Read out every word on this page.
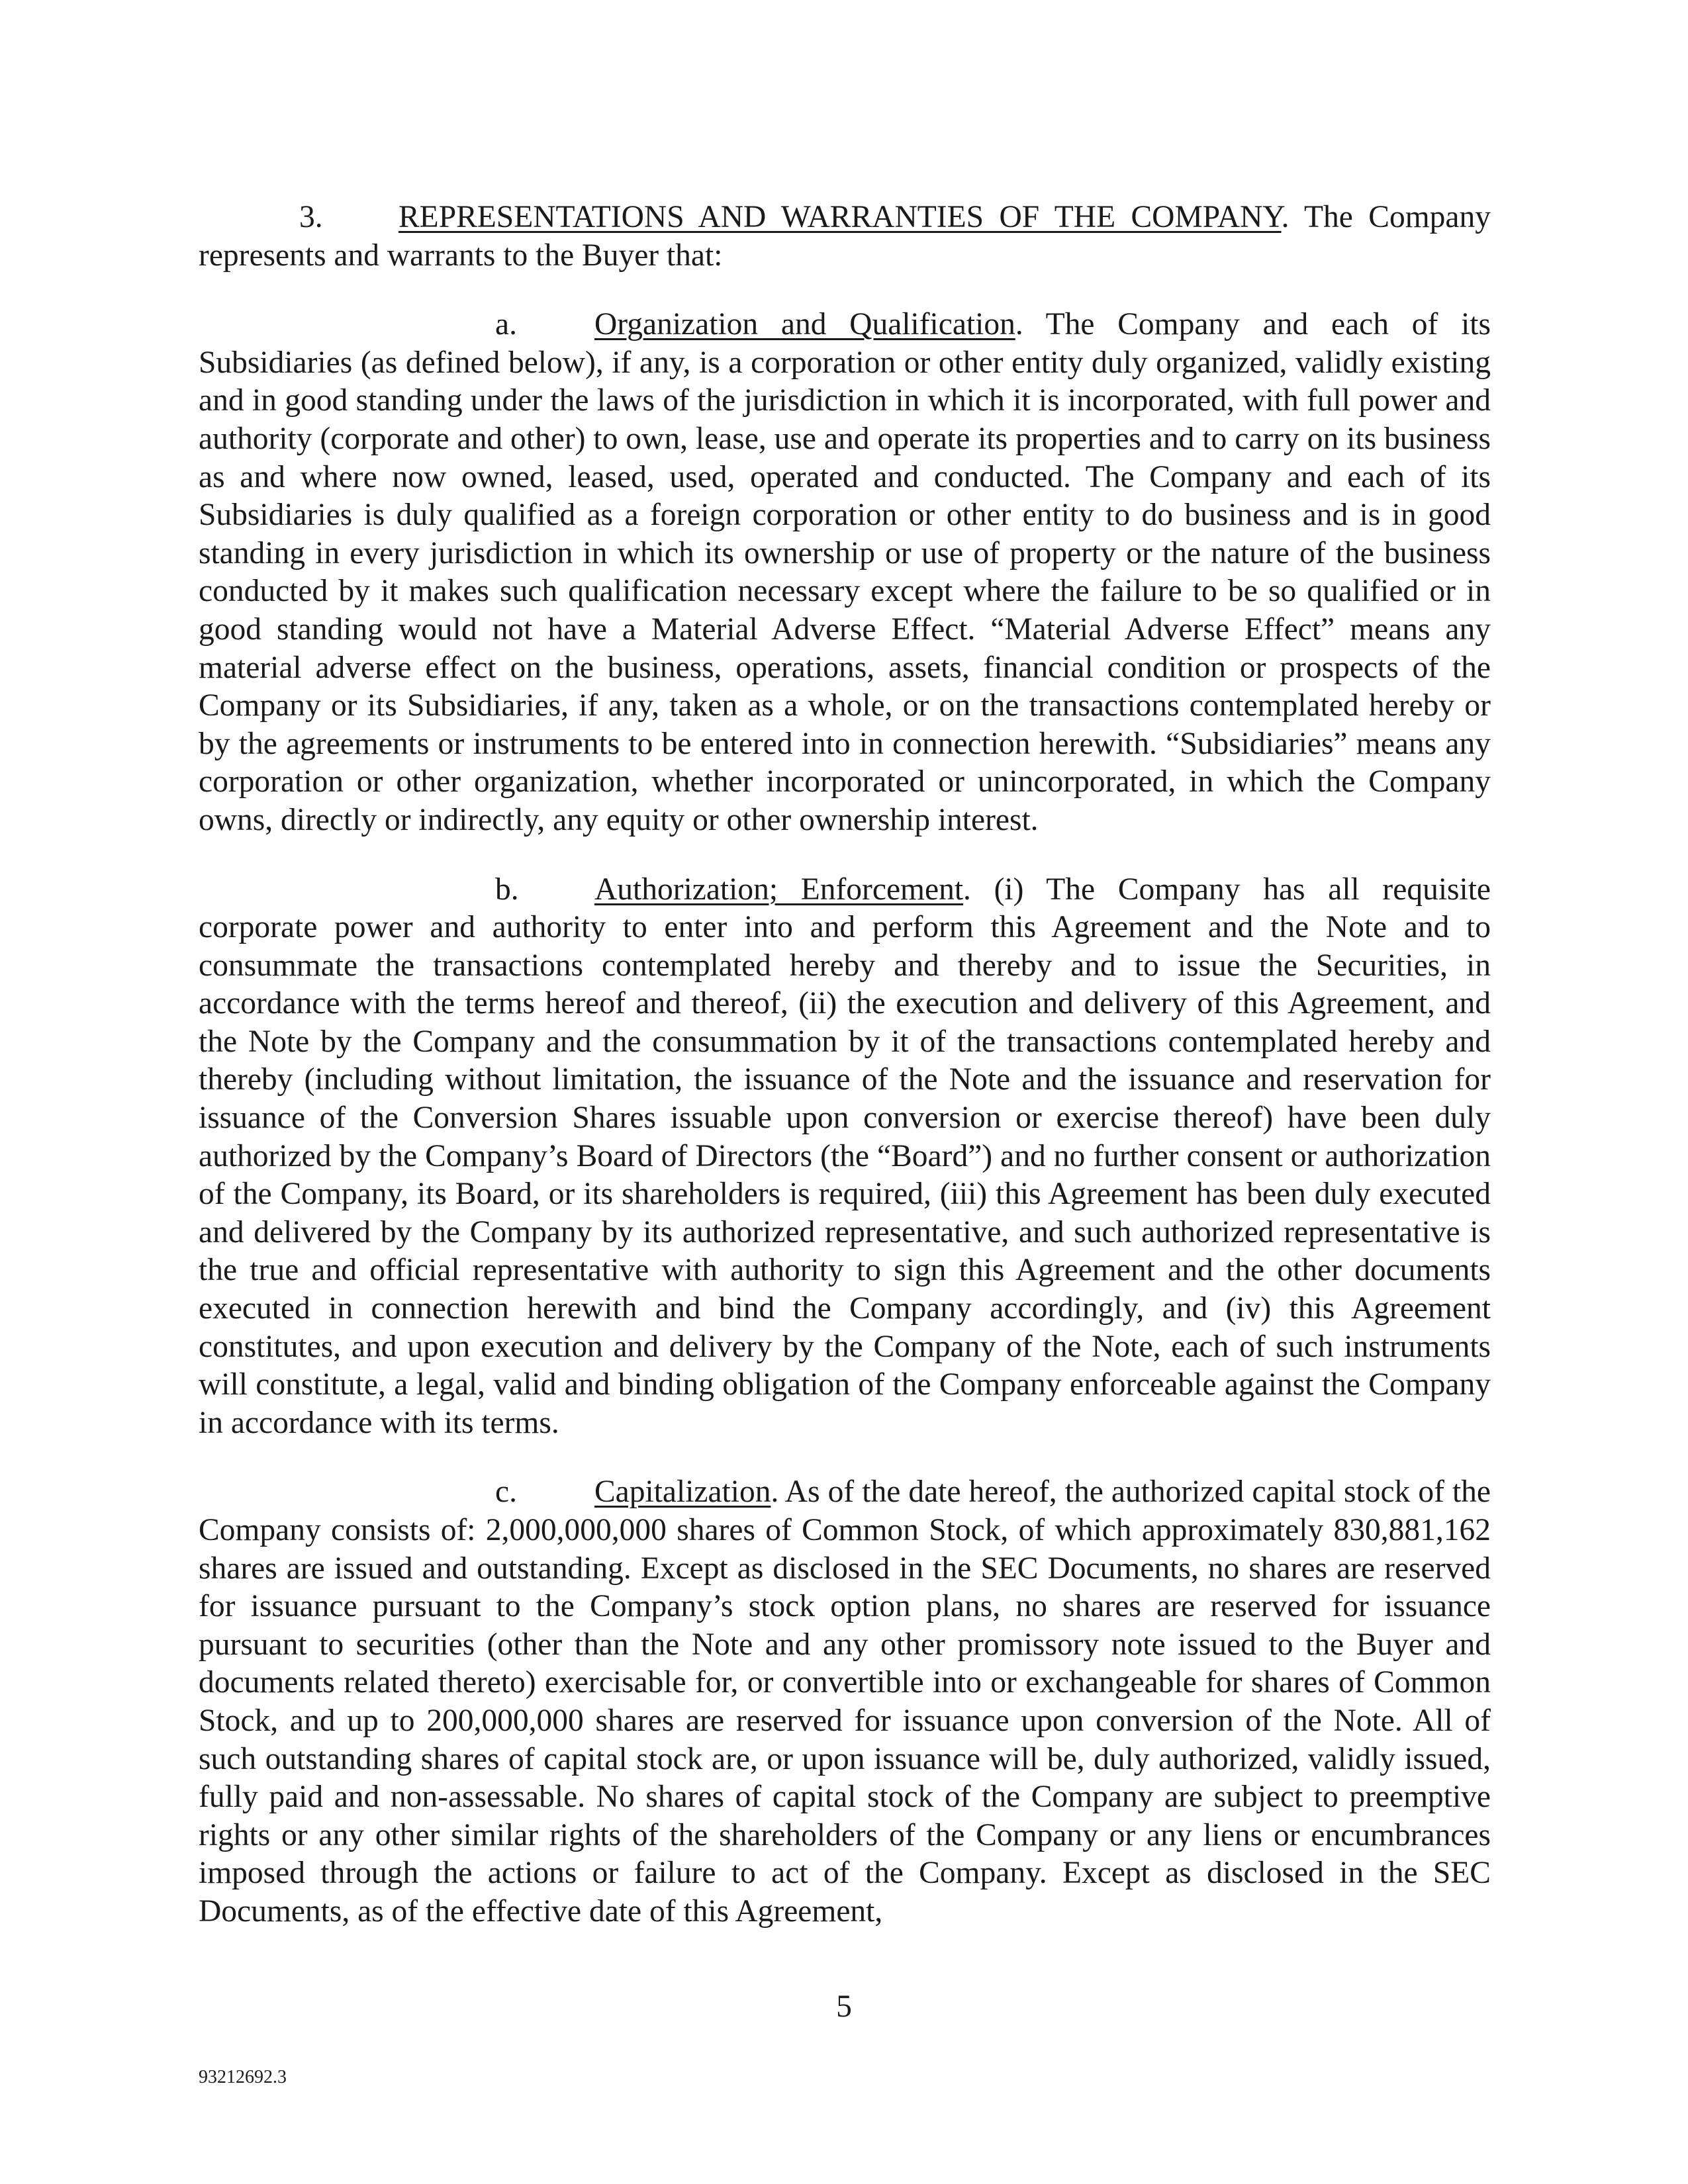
3. REPRESENTATIONS AND WARRANTIES OF THE COMPANY. The Company represents and warrants to the Buyer that:

a. Organization and Qualification. The Company and each of its Subsidiaries (as defined below), if any, is a corporation or other entity duly organized, validly existing and in good standing under the laws of the jurisdiction in which it is incorporated, with full power and authority (corporate and other) to own, lease, use and operate its properties and to carry on its business as and where now owned, leased, used, operated and conducted. The Company and each of its Subsidiaries is duly qualified as a foreign corporation or other entity to do business and is in good standing in every jurisdiction in which its ownership or use of property or the nature of the business conducted by it makes such qualification necessary except where the failure to be so qualified or in good standing would not have a Material Adverse Effect. “Material Adverse Effect” means any material adverse effect on the business, operations, assets, financial condition or prospects of the Company or its Subsidiaries, if any, taken as a whole, or on the transactions contemplated hereby or by the agreements or instruments to be entered into in connection herewith. “Subsidiaries” means any corporation or other organization, whether incorporated or unincorporated, in which the Company owns, directly or indirectly, any equity or other ownership interest.

b. Authorization; Enforcement. (i) The Company has all requisite corporate power and authority to enter into and perform this Agreement and the Note and to consummate the transactions contemplated hereby and thereby and to issue the Securities, in accordance with the terms hereof and thereof, (ii) the execution and delivery of this Agreement, and the Note by the Company and the consummation by it of the transactions contemplated hereby and thereby (including without limitation, the issuance of the Note and the issuance and reservation for issuance of the Conversion Shares issuable upon conversion or exercise thereof) have been duly authorized by the Company’s Board of Directors (the “Board”) and no further consent or authorization of the Company, its Board, or its shareholders is required, (iii) this Agreement has been duly executed and delivered by the Company by its authorized representative, and such authorized representative is the true and official representative with authority to sign this Agreement and the other documents executed in connection herewith and bind the Company accordingly, and (iv) this Agreement constitutes, and upon execution and delivery by the Company of the Note, each of such instruments will constitute, a legal, valid and binding obligation of the Company enforceable against the Company in accordance with its terms.

c. Capitalization. As of the date hereof, the authorized capital stock of the Company consists of: 2,000,000,000 shares of Common Stock, of which approximately 830,881,162 shares are issued and outstanding. Except as disclosed in the SEC Documents, no shares are reserved for issuance pursuant to the Company’s stock option plans, no shares are reserved for issuance pursuant to securities (other than the Note and any other promissory note issued to the Buyer and documents related thereto) exercisable for, or convertible into or exchangeable for shares of Common Stock, and up to 200,000,000 shares are reserved for issuance upon conversion of the Note. All of such outstanding shares of capital stock are, or upon issuance will be, duly authorized, validly issued, fully paid and non-assessable. No shares of capital stock of the Company are subject to preemptive rights or any other similar rights of the shareholders of the Company or any liens or encumbrances imposed through the actions or failure to act of the Company. Except as disclosed in the SEC Documents, as of the effective date of this Agreement,

5
93212692.3
